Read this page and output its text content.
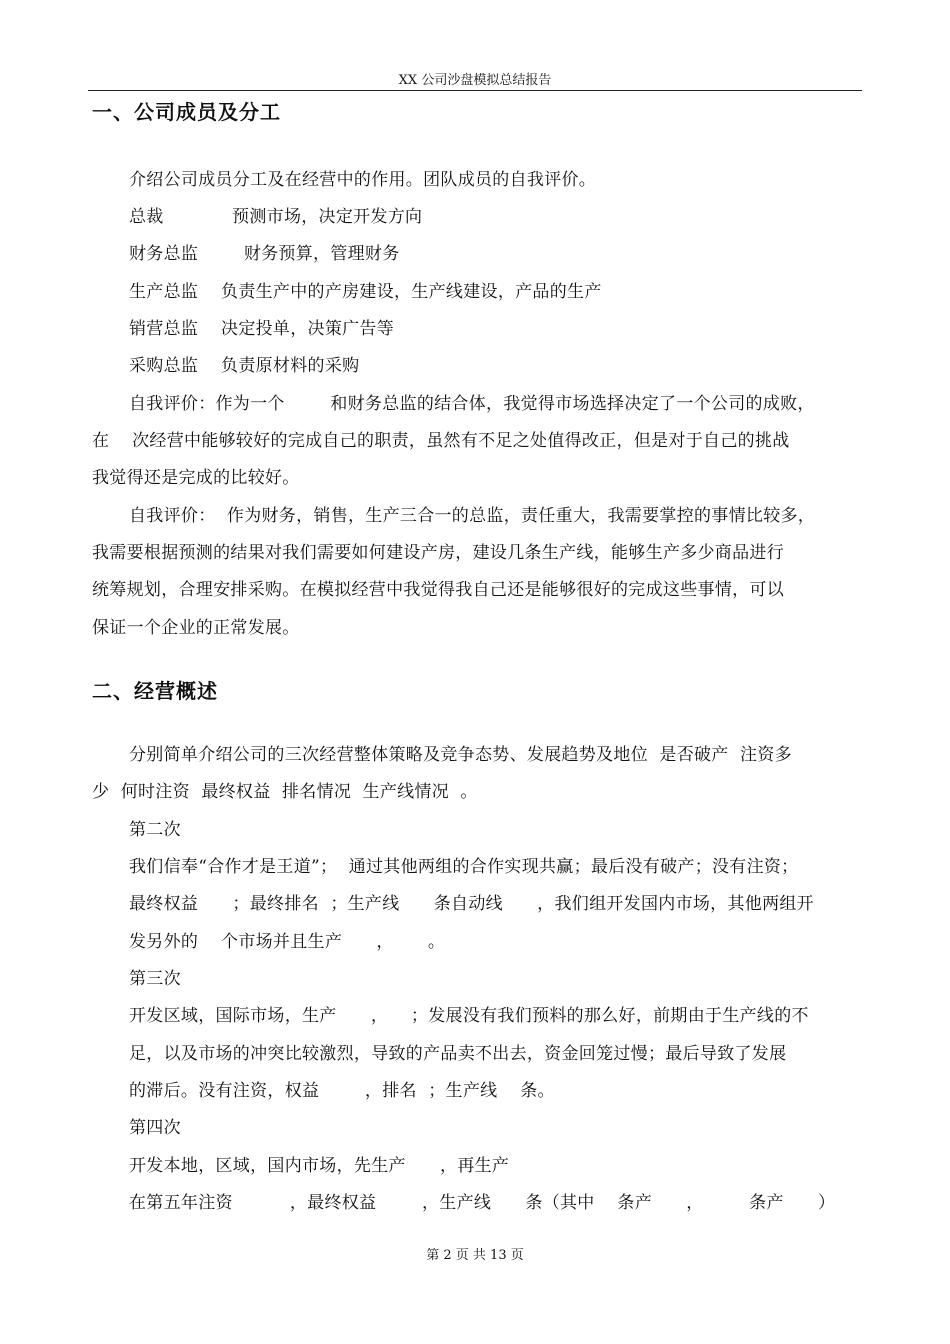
XX 公司沙盘模拟总结报告
一、公司成员及分工
介绍公司成员分工及在经营中的作用。团队成员的自我评价。
总裁            预测市场，决定开发方向
财务总监        财务预算，管理财务
生产总监    负责生产中的产房建设，生产线建设，产品的生产
销营总监    决定投单，决策广告等
采购总监    负责原材料的采购
自我评价：作为一个        和财务总监的结合体，我觉得市场选择决定了一个公司的成败，
在    次经营中能够较好的完成自己的职责，虽然有不足之处值得改正，但是对于自己的挑战
我觉得还是完成的比较好。
自我评价：  作为财务，销售，生产三合一的总监，责任重大，我需要掌控的事情比较多，
我需要根据预测的结果对我们需要如何建设产房，建设几条生产线，能够生产多少商品进行
统筹规划，合理安排采购。在模拟经营中我觉得我自己还是能够很好的完成这些事情，可以
保证一个企业的正常发展。
二、经营概述
分别简单介绍公司的三次经营整体策略及竞争态势、发展趋势及地位  是否破产  注资多
少  何时注资  最终权益  排名情况  生产线情况  。
第二次
我们信奉“合作才是王道”；  通过其他两组的合作实现共赢；最后没有破产；没有注资；
最终权益      ；最终排名  ；生产线      条自动线      ，我们组开发国内市场，其他两组开
发另外的    个市场并且生产      ，      。
第三次
开发区域，国际市场，生产      ，    ；发展没有我们预料的那么好，前期由于生产线的不
足，以及市场的冲突比较激烈，导致的产品卖不出去，资金回笼过慢；最后导致了发展
的滞后。没有注资，权益        ，排名  ；生产线    条。
第四次
开发本地，区域，国内市场，先生产      ，再生产
在第五年注资          ，最终权益        ，生产线      条（其中    条产      ，        条产      ）
第 2 页 共 13 页
